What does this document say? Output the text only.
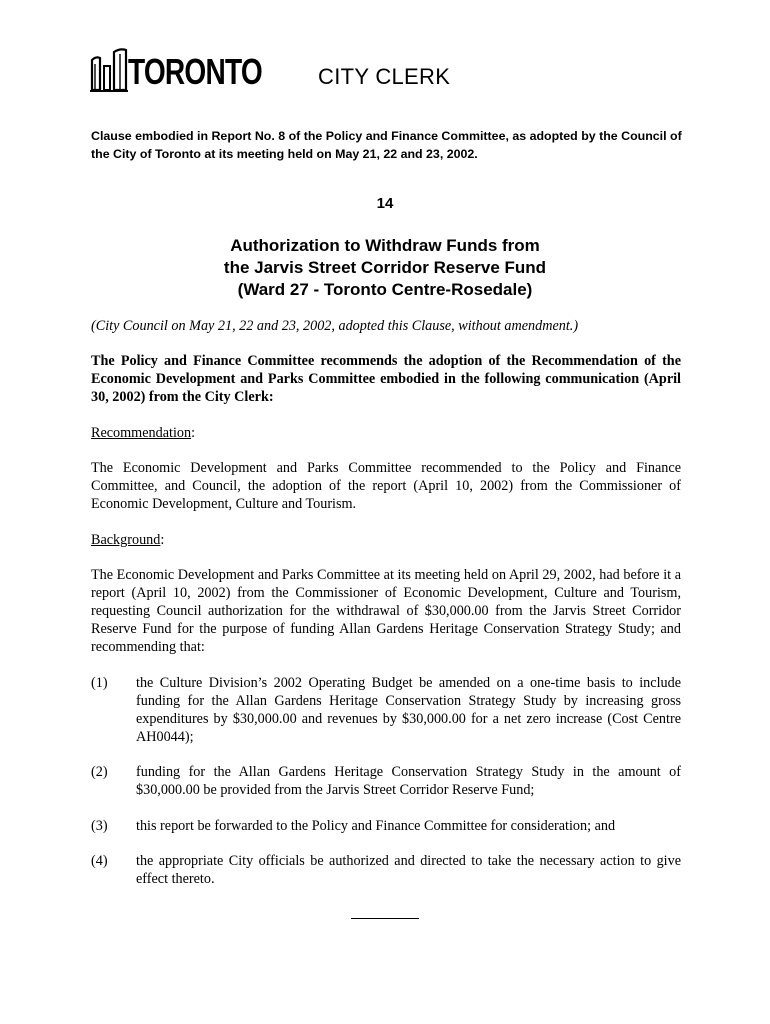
TORONTO	CITY CLERK
Clause embodied in Report No. 8 of the Policy and Finance Committee, as adopted by the Council of the City of Toronto at its meeting held on May 21, 22 and 23, 2002.
14
Authorization to Withdraw Funds from
the Jarvis Street Corridor Reserve Fund
(Ward 27 - Toronto Centre-Rosedale)
(City Council on May 21, 22 and 23, 2002, adopted this Clause, without amendment.)
The Policy and Finance Committee recommends the adoption of the Recommendation of the Economic Development and Parks Committee embodied in the following communication (April 30, 2002) from the City Clerk:
Recommendation:
The Economic Development and Parks Committee recommended to the Policy and Finance Committee, and Council, the adoption of the report (April 10, 2002) from the Commissioner of Economic Development, Culture and Tourism.
Background:
The Economic Development and Parks Committee at its meeting held on April 29, 2002, had before it a report (April 10, 2002) from the Commissioner of Economic Development, Culture and Tourism, requesting Council authorization for the withdrawal of $30,000.00 from the Jarvis Street Corridor Reserve Fund for the purpose of funding Allan Gardens Heritage Conservation Strategy Study; and recommending that:
(1) the Culture Division’s 2002 Operating Budget be amended on a one-time basis to include funding for the Allan Gardens Heritage Conservation Strategy Study by increasing gross expenditures by $30,000.00 and revenues by $30,000.00 for a net zero increase (Cost Centre AH0044);
(2) funding for the Allan Gardens Heritage Conservation Strategy Study in the amount of $30,000.00 be provided from the Jarvis Street Corridor Reserve Fund;
(3) this report be forwarded to the Policy and Finance Committee for consideration; and
(4) the appropriate City officials be authorized and directed to take the necessary action to give effect thereto.
